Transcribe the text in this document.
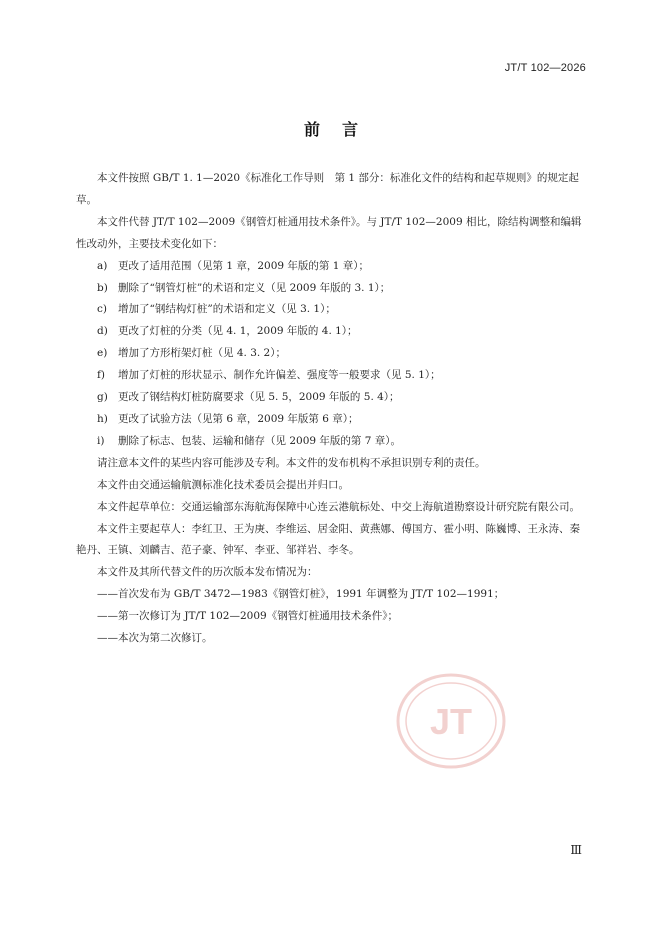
JT/T 102—2026
前言

本文件按照 GB/T 1. 1—2020《标准化工作导则　第 1 部分：标准化文件的结构和起草规则》的规定起草。

本文件代替 JT/T 102—2009《钢管灯桩通用技术条件》。与 JT/T 102—2009 相比，除结构调整和编辑性改动外，主要技术变化如下：

a)	更改了适用范围（见第 1 章，2009 年版的第 1 章）；
b) 删除了“钢管灯桩”的术语和定义（见 2009 年版的 3. 1）；
c)	增加了“钢结构灯桩”的术语和定义（见 3. 1）；
d) 更改了灯桩的分类（见 4. 1，2009 年版的 4. 1）；
e)	增加了方形桁架灯桩（见 4. 3. 2）；
f)	增加了灯桩的形状显示、制作允许偏差、强度等一般要求（见 5. 1）；
g) 更改了钢结构灯桩防腐要求（见 5. 5，2009 年版的 5. 4）；
h) 更改了试验方法（见第 6 章，2009 年版第 6 章）；
i)	删除了标志、包装、运输和储存（见 2009 年版的第 7 章）。

请注意本文件的某些内容可能涉及专利。本文件的发布机构不承担识别专利的责任。

本文件由交通运输航测标准化技术委员会提出并归口。

本文件起草单位：交通运输部东海航海保障中心连云港航标处、中交上海航道勘察设计研究院有限公司。

本文件主要起草人：李红卫、王为庚、李维运、居金阳、黄燕娜、傅国方、霍小明、陈巍博、王永涛、秦艳丹、王镇、刘麟吉、范子豪、钟军、李亚、邹祥岩、李冬。

本文件及其所代替文件的历次版本发布情况为：

——首次发布为 GB/T 3472—1983《钢管灯桩》，1991 年调整为 JT/T 102—1991；

——第一次修订为 JT/T 102—2009《钢管灯桩通用技术条件》；

——本次为第二次修订。

JT
Ⅲ
